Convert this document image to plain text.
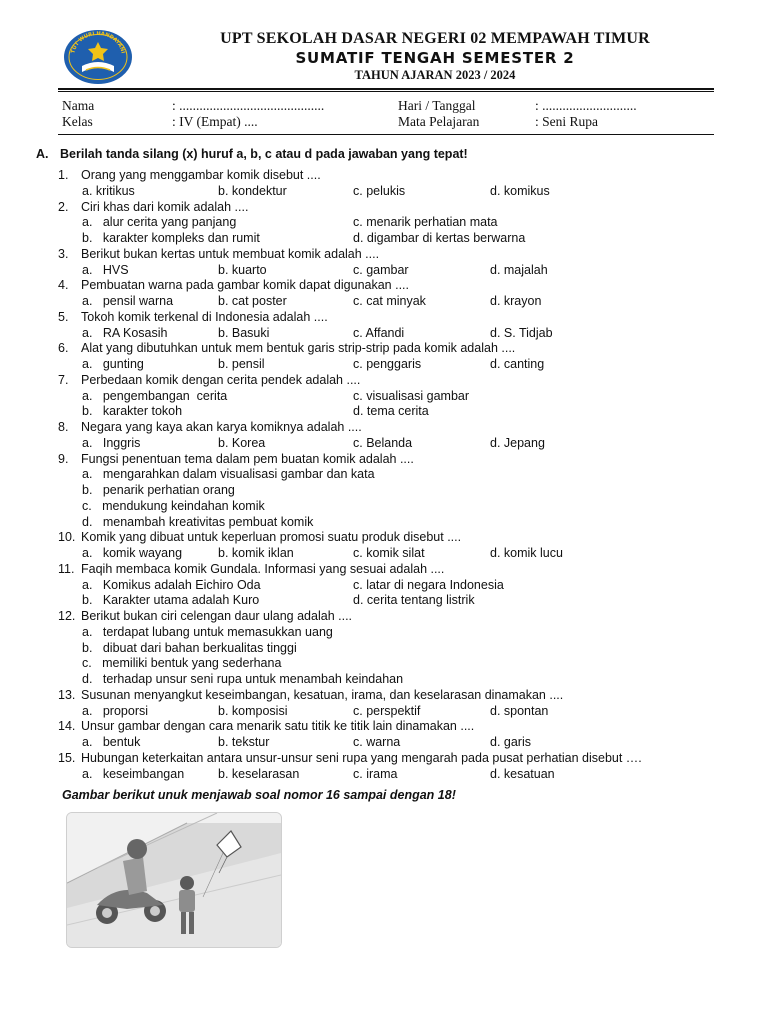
TUT WURI HANDAYANI
UPT SEKOLAH DASAR NEGERI 02 MEMPAWAH TIMUR
SUMATIF TENGAH SEMESTER 2
TAHUN AJARAN 2023 / 2024
Nama	: ...........................................	Hari / Tanggal	: ............................
Kelas	: IV (Empat) ....	Mata Pelajaran	: Seni Rupa
A. Berilah tanda silang (x) huruf a, b, c atau d pada jawaban yang tepat!
1. Orang yang menggambar komik disebut ....
a. kritikus	b. kondektur	c. pelukis	d. komikus
2. Ciri khas dari komik adalah ....
a.   alur cerita yang panjang	c. menarik perhatian mata
b.   karakter kompleks dan rumit	d. digambar di kertas berwarna
3. Berikut bukan kertas untuk membuat komik adalah ....
a.   HVS	b. kuarto	c. gambar	d. majalah
4. Pembuatan warna pada gambar komik dapat digunakan ....
a.   pensil warna	b. cat poster	c. cat minyak	d. krayon
5. Tokoh komik terkenal di Indonesia adalah ....
a.   RA Kosasih	b. Basuki	c. Affandi	d. S. Tidjab
6. Alat yang dibutuhkan untuk mem bentuk garis strip-strip pada komik adalah ....
a.   gunting	b. pensil	c. penggaris	d. canting
7. Perbedaan komik dengan cerita pendek adalah ....
a.   pengembangan  cerita	c. visualisasi gambar
b.   karakter tokoh	d. tema cerita
8. Negara yang kaya akan karya komiknya adalah ....
a.   Inggris	b. Korea	c. Belanda	d. Jepang
9. Fungsi penentuan tema dalam pem buatan komik adalah ....
a.   mengarahkan dalam visualisasi gambar dan kata
b.   penarik perhatian orang
c.   mendukung keindahan komik
d.   menambah kreativitas pembuat komik
10. Komik yang dibuat untuk keperluan promosi suatu produk disebut ....
a.   komik wayang	b. komik iklan	c. komik silat	d. komik lucu
11. Faqih membaca komik Gundala. Informasi yang sesuai adalah ....
a.   Komikus adalah Eichiro Oda	c. latar di negara Indonesia
b.   Karakter utama adalah Kuro	d. cerita tentang listrik
12. Berikut bukan ciri celengan daur ulang adalah ....
a.   terdapat lubang untuk memasukkan uang
b.   dibuat dari bahan berkualitas tinggi
c.   memiliki bentuk yang sederhana
d.   terhadap unsur seni rupa untuk menambah keindahan
13. Susunan menyangkut keseimbangan, kesatuan, irama, dan keselarasan dinamakan ....
a.   proporsi	b. komposisi	c. perspektif	d. spontan
14. Unsur gambar dengan cara menarik satu titik ke titik lain dinamakan ....
a.   bentuk	b. tekstur	c. warna	d. garis
15. Hubungan keterkaitan antara unsur-unsur seni rupa yang mengarah pada pusat perhatian disebut ….
a.   keseimbangan	b. keselarasan	c. irama	d. kesatuan
Gambar berikut unuk menjawab soal nomor 16 sampai dengan 18!
